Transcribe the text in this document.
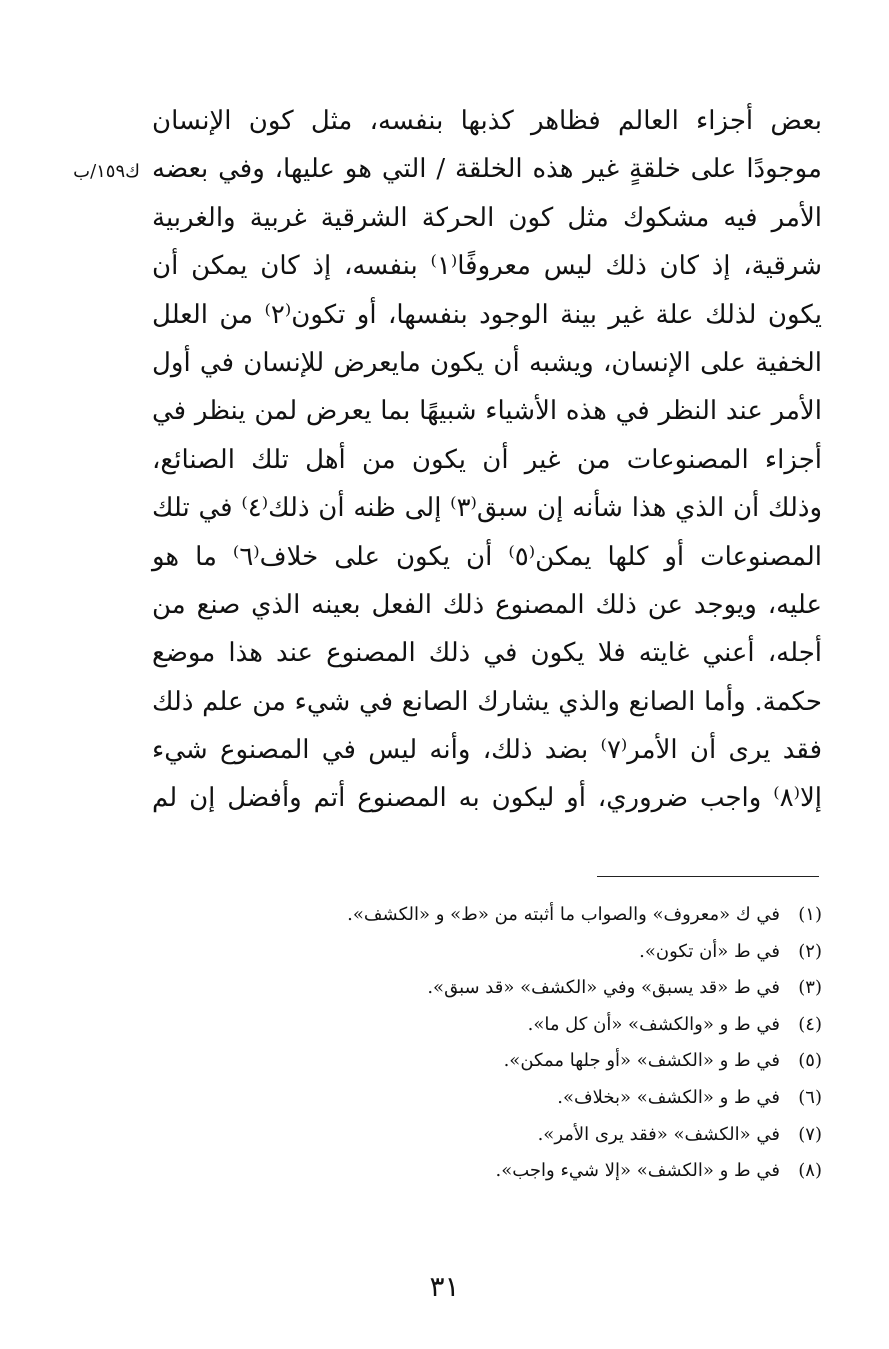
ك١٥٩/ب
بعض أجزاء العالم فظاهر كذبها بنفسه، مثل كون الإنسان
موجودًا على خلقةٍ غير هذه الخلقة / التي هو عليها، وفي بعضه
الأمر فيه مشكوك مثل كون الحركة الشرقية غربية والغربية
شرقية، إذ كان ذلك ليس معروفًا⁽١⁾ بنفسه، إذ كان يمكن أن
يكون لذلك علة غير بينة الوجود بنفسها، أو تكون⁽٢⁾ من العلل
الخفية على الإنسان، ويشبه أن يكون مايعرض للإنسان في أول
الأمر عند النظر في هذه الأشياء شبيهًا بما يعرض لمن ينظر في
أجزاء المصنوعات من غير أن يكون من أهل تلك الصنائع،
وذلك أن الذي هذا شأنه إن سبق⁽٣⁾ إلى ظنه أن ذلك⁽٤⁾ في تلك
المصنوعات أو كلها يمكن⁽٥⁾ أن يكون على خلاف⁽٦⁾ ما هو
عليه، ويوجد عن ذلك المصنوع ذلك الفعل بعينه الذي صنع من
أجله، أعني غايته فلا يكون في ذلك المصنوع عند هذا موضع
حكمة. وأما الصانع والذي يشارك الصانع في شيء من علم ذلك
فقد يرى أن الأمر⁽٧⁾ بضد ذلك، وأنه ليس في المصنوع شيء
إلا⁽٨⁾ واجب ضروري، أو ليكون به المصنوع أتم وأفضل إن لم
(١)
في ك «معروف» والصواب ما أثبته من «ط» و «الكشف».
(٢)
في ط «أن تكون».
(٣)
في ط «قد يسبق» وفي «الكشف» «قد سبق».
(٤)
في ط و «والكشف» «أن كل ما».
(٥)
في ط و «الكشف» «أو جلها ممكن».
(٦)
في ط و «الكشف» «بخلاف».
(٧)
في «الكشف» «فقد يرى الأمر».
(٨)
في ط و «الكشف» «إلا شيء واجب».
٣١
